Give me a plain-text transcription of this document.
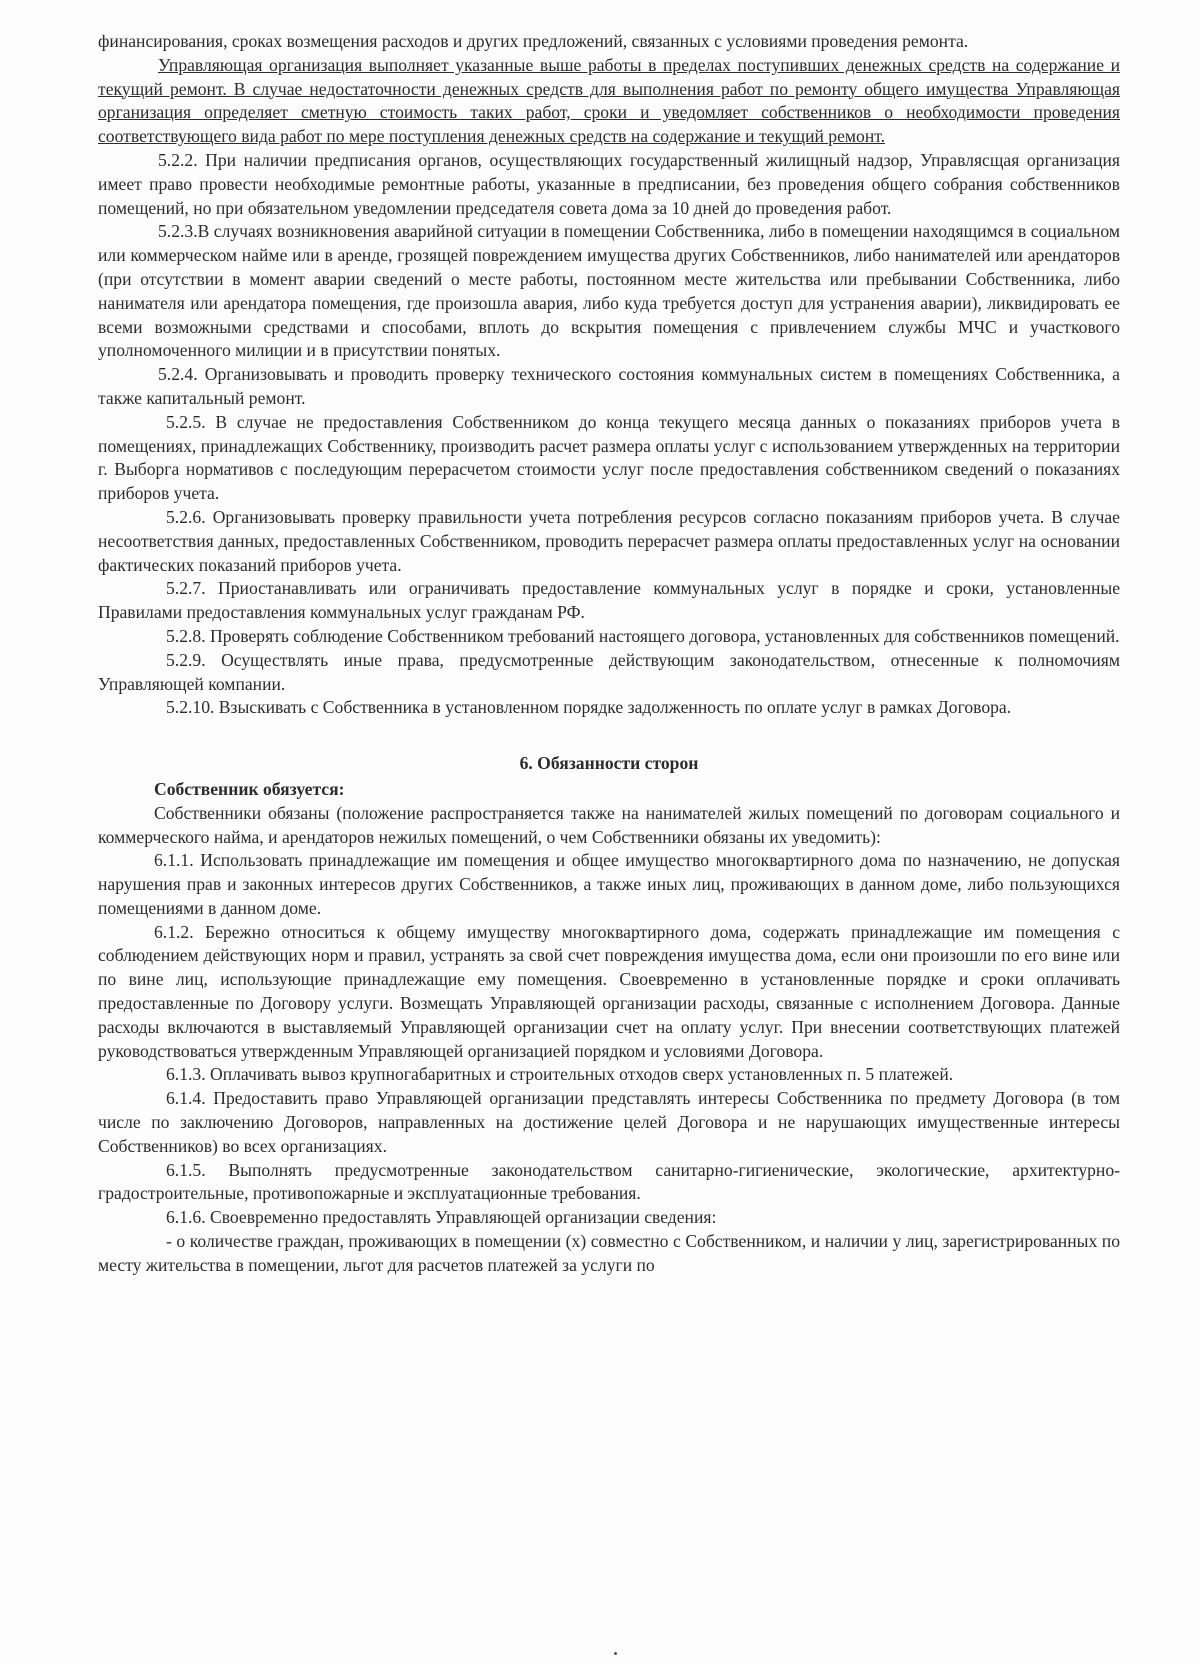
финансирования, сроках возмещения расходов и других предложений, связанных с условиями проведения ремонта.

Управляющая организация выполняет указанные выше работы в пределах поступивших денежных средств на содержание и текущий ремонт. В случае недостаточности денежных средств для выполнения работ по ремонту общего имущества Управляющая организация определяет сметную стоимость таких работ, сроки и уведомляет собственников о необходимости проведения соответствующего вида работ по мере поступления денежных средств на содержание и текущий ремонт.

5.2.2. При наличии предписания органов, осуществляющих государственный жилищный надзор, Управлясщая организация имеет право провести необходимые ремонтные работы, указанные в предписании, без проведения общего собрания собственников помещений, но при обязательном уведомлении председателя совета дома за 10 дней до проведения работ.

5.2.3.В случаях возникновения аварийной ситуации в помещении Собственника, либо в помещении находящимся в социальном или коммерческом найме или в аренде, грозящей повреждением имущества других Собственников, либо нанимателей или арендаторов (при отсутствии в момент аварии сведений о месте работы, постоянном месте жительства или пребывании Собственника, либо нанимателя или арендатора помещения, где произошла авария, либо куда требуется доступ для устранения аварии), ликвидировать ее всеми возможными средствами и способами, вплоть до вскрытия помещения с привлечением службы МЧС и участкового уполномоченного милиции и в присутствии понятых.

5.2.4. Организовывать и проводить проверку технического состояния коммунальных систем в помещениях Собственника, а также капитальный ремонт.

5.2.5. В случае не предоставления Собственником до конца текущего месяца данных о показаниях приборов учета в помещениях, принадлежащих Собственнику, производить расчет размера оплаты услуг с использованием утвержденных на территории г. Выборга нормативов с последующим перерасчетом стоимости услуг после предоставления собственником сведений о показаниях приборов учета.

5.2.6. Организовывать проверку правильности учета потребления ресурсов согласно показаниям приборов учета. В случае несоответствия данных, предоставленных Собственником, проводить перерасчет размера оплаты предоставленных услуг на основании фактических показаний приборов учета.

5.2.7. Приостанавливать или ограничивать предоставление коммунальных услуг в порядке и сроки, установленные Правилами предоставления коммунальных услуг гражданам РФ.

5.2.8. Проверять соблюдение Собственником требований настоящего договора, установленных для собственников помещений.

5.2.9. Осуществлять иные права, предусмотренные действующим законодательством, отнесенные к полномочиям Управляющей компании.

5.2.10. Взыскивать с Собственника в установленном порядке задолженность по оплате услуг в рамках Договора.

6. Обязанности сторон

Собственник обязуется:

Собственники обязаны (положение распространяется также на нанимателей жилых помещений по договорам социального и коммерческого найма, и арендаторов нежилых помещений, о чем Собственники обязаны их уведомить):

6.1.1. Использовать принадлежащие им помещения и общее имущество многоквартирного дома по назначению, не допуская нарушения прав и законных интересов других Собственников, а также иных лиц, проживающих в данном доме, либо пользующихся помещениями в данном доме.

6.1.2. Бережно относиться к общему имуществу многоквартирного дома, содержать принадлежащие им помещения с соблюдением действующих норм и правил, устранять за свой счет повреждения имущества дома, если они произошли по его вине или по вине лиц, использующие принадлежащие ему помещения. Своевременно в установленные порядке и сроки оплачивать предоставленные по Договору услуги. Возмещать Управляющей организации расходы, связанные с исполнением Договора. Данные расходы включаются в выставляемый Управляющей организации счет на оплату услуг. При внесении соответствующих платежей руководствоваться утвержденным Управляющей организацией порядком и условиями Договора.

6.1.3. Оплачивать вывоз крупногабаритных и строительных отходов сверх установленных п. 5 платежей.

6.1.4. Предоставить право Управляющей организации представлять интересы Собственника по предмету Договора (в том числе по заключению Договоров, направленных на достижение целей Договора и не нарушающих имущественные интересы Собственников) во всех организациях.

6.1.5. Выполнять предусмотренные законодательством санитарно-гигиенические, экологические, архитектурно-градостроительные, противопожарные и эксплуатационные требования.

6.1.6. Своевременно предоставлять Управляющей организации сведения:

- о количестве граждан, проживающих в помещении (х) совместно с Собственником, и наличии у лиц, зарегистрированных по месту жительства в помещении, льгот для расчетов платежей за услуги по
